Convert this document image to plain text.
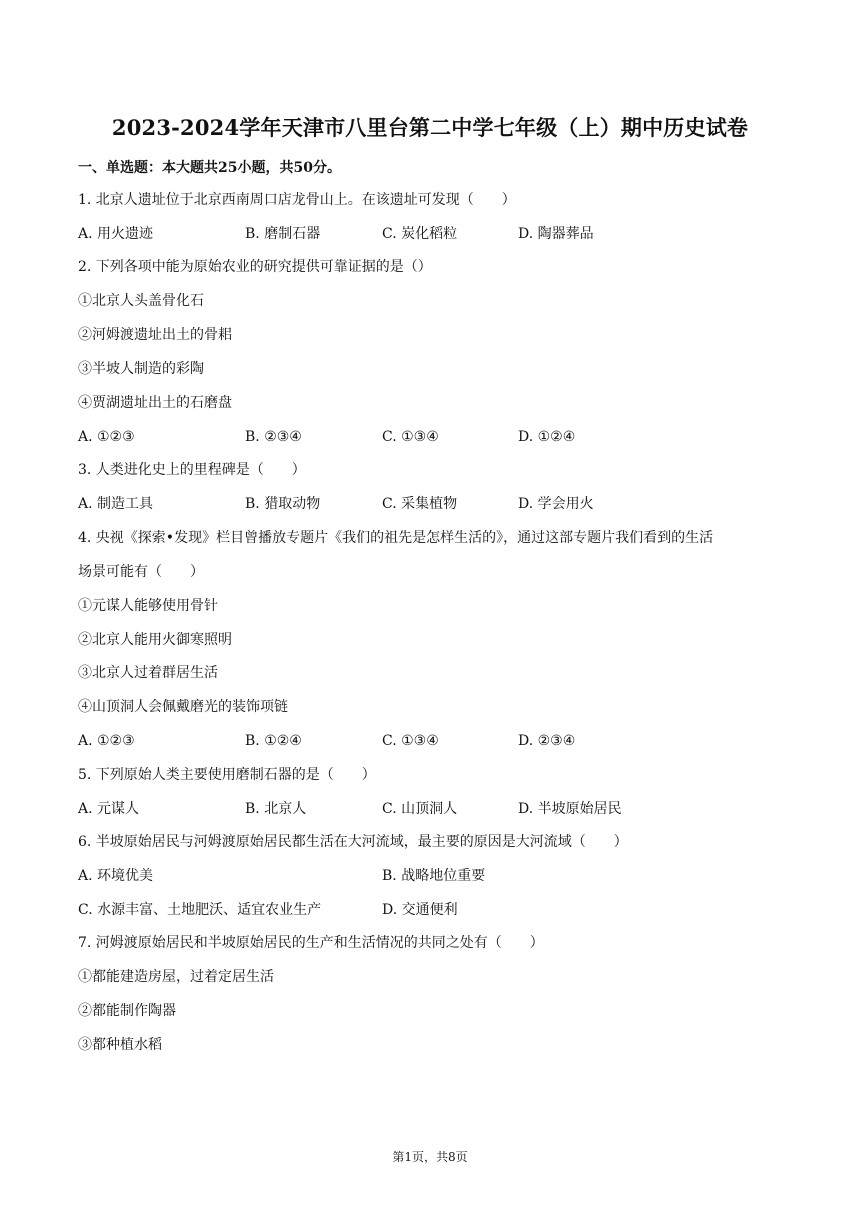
2023-2024学年天津市八里台第二中学七年级（上）期中历史试卷
一、单选题：本大题共25小题，共50分。
1. 北京人遗址位于北京西南周口店龙骨山上。在该遗址可发现（　　）
A. 用火遗迹	B. 磨制石器	C. 炭化稻粒	D. 陶器葬品
2. 下列各项中能为原始农业的研究提供可靠证据的是（）
①北京人头盖骨化石
②河姆渡遗址出土的骨耜
③半坡人制造的彩陶
④贾湖遗址出土的石磨盘
A. ①②③	B. ②③④	C. ①③④	D. ①②④
3. 人类进化史上的里程碑是（　　）
A. 制造工具	B. 猎取动物	C. 采集植物	D. 学会用火
4. 央视《探索•发现》栏目曾播放专题片《我们的祖先是怎样生活的》，通过这部专题片我们看到的生活
场景可能有（　　）
①元谋人能够使用骨针
②北京人能用火御寒照明
③北京人过着群居生活
④山顶洞人会佩戴磨光的装饰项链
A. ①②③	B. ①②④	C. ①③④	D. ②③④
5. 下列原始人类主要使用磨制石器的是（　　）
A. 元谋人	B. 北京人	C. 山顶洞人	D. 半坡原始居民
6. 半坡原始居民与河姆渡原始居民都生活在大河流域，最主要的原因是大河流域（　　）
A. 环境优美	B. 战略地位重要
C. 水源丰富、土地肥沃、适宜农业生产	D. 交通便利
7. 河姆渡原始居民和半坡原始居民的生产和生活情况的共同之处有（　　）
①都能建造房屋，过着定居生活
②都能制作陶器
③都种植水稻
第1页，共8页
